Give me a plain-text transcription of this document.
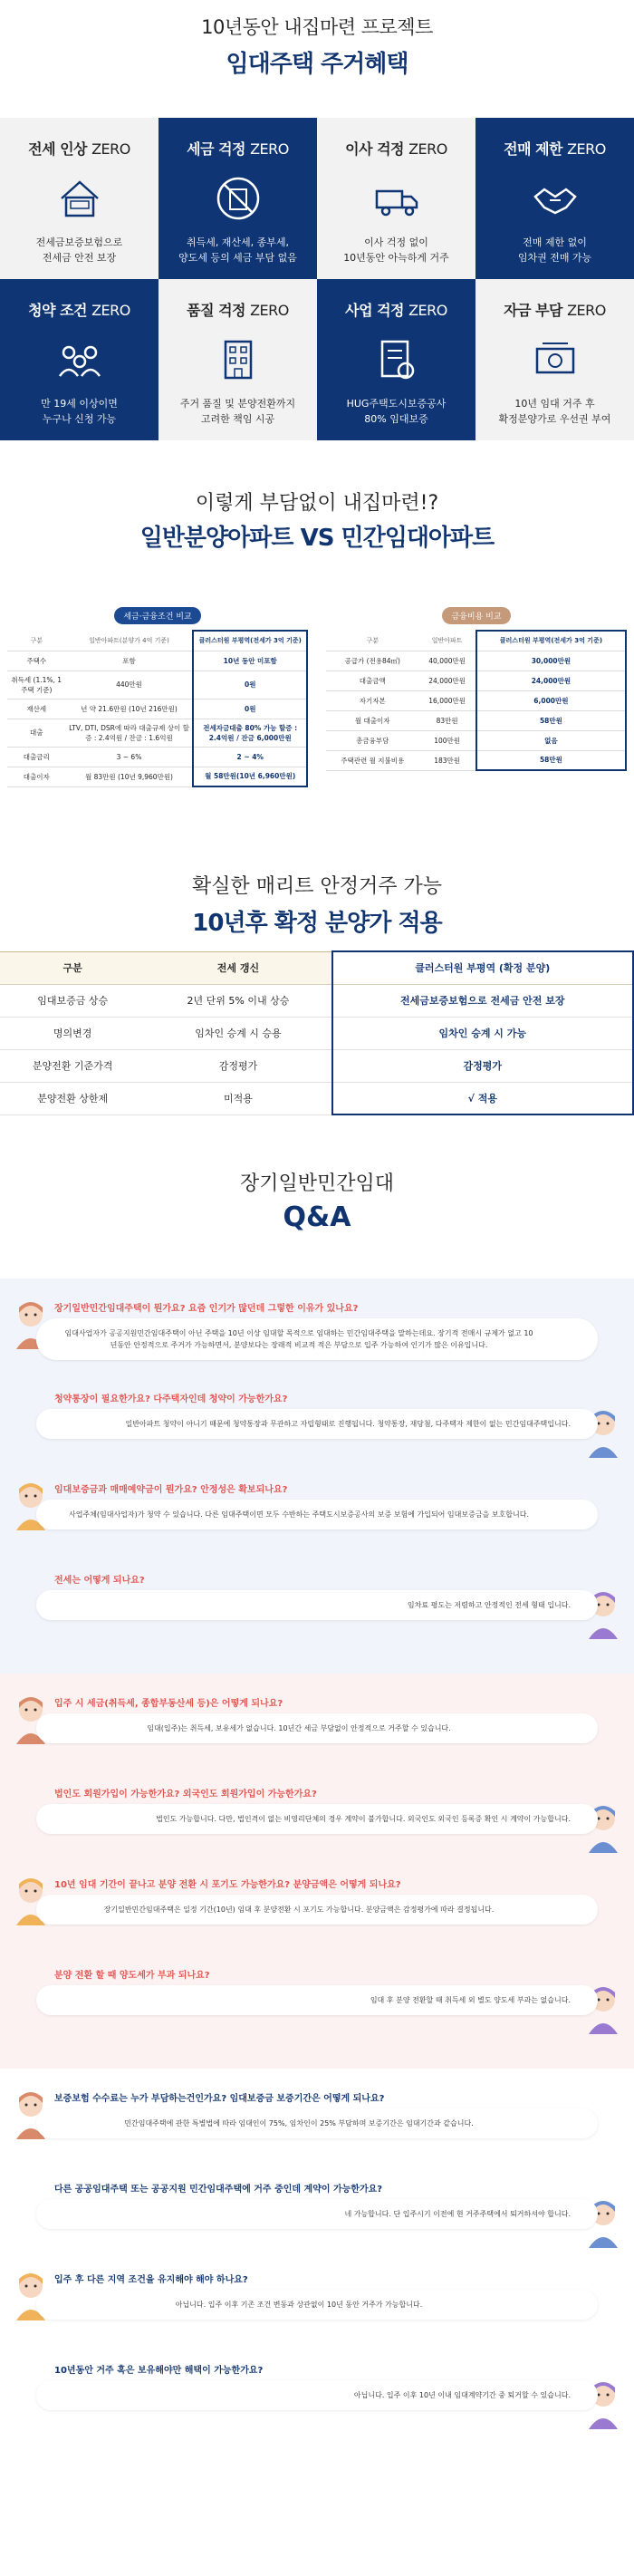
10년동안 내집마련 프로젝트
임대주택 주거혜택
전세 인상 ZERO
전세금보증보험으로
전세금 안전 보장
세금 걱정 ZERO
취득세, 재산세, 종부세,
양도세 등의 세금 부담 없음
이사 걱정 ZERO
이사 걱정 없이
10년동안 아늑하게 거주
전매 제한 ZERO
전매 제한 없이
임차권 전매 가능
청약 조건 ZERO
만 19세 이상이면
누구나 신청 가능
품질 걱정 ZERO
주거 품질 및 분양전환까지
고려한 책임 시공
사업 걱정 ZERO
HUG주택도시보증공사
80% 임대보증
자금 부담 ZERO
10년 임대 거주 후
확정분양가로 우선권 부여
이렇게 부담없이 내집마련!?
일반분양아파트 VS 민간임대아파트
세금·금융조건 비교
구분	일반아파트(분양가 4억 기준)	클러스터원 부평역(전세가 3억 기준)
주택수	포함	10년 동안 미포함
취득세 (1.1%, 1주택 기준)	440만원	0원
재산세	년 약 21.6만원 (10년 216만원)	0원
대출	LTV, DTI, DSR에 따라 대출규제 상이 할증 : 2.4억원 / 잔금 : 1.6억원	전세자금대출 80% 가능 할증 : 2.4억원 / 잔금 6,000만원
대출금리	3 ~ 6%	2 ~ 4%
대출이자	월 83만원 (10년 9,960만원)	월 58만원(10년 6,960만원)
금융비용 비교
구분	일반아파트	클러스터원 부평역(전세가 3억 기준)
공급가 (전용84㎡)	40,000만원	30,000만원
대출금액	24,000만원	24,000만원
자기자본	16,000만원	6,000만원
월 대출이자	83만원	58만원
총금융부담	100만원	없음
주택관련 월 지불비용	183만원	58만원
확실한 매리트 안정거주 가능
10년후 확정 분양가 적용
구분	전세 갱신	클러스터원 부평역 (확정 분양)
임대보증금 상승	2년 단위 5% 이내 상승	전세금보증보험으로 전세금 안전 보장
명의변경	임차인 승계 시 승용	임차인 승계 시 가능
분양전환 기준가격	감정평가	감정평가
분양전환 상한제	미적용	√ 적용
장기일반민간임대
Q&A
장기일반민간임대주택이 뭔가요? 요즘 인기가 많던데 그렇한 이유가 있나요?
임대사업자가 공공지원민간임대주택이 아닌 주택을 10년 이상 임대할 목적으로 임대하는 민간임대주택을 말하는데요. 장기적 전매시 규제가 없고 10년동안 안정적으로 주거가 가능하면서, 분양보다는 장래적 비교적 적은 부담으로 입주 가능하여 인기가 많은 이유입니다.
청약통장이 필요한가요? 다주택자인데 청약이 가능한가요?
일반아파트 청약이 아니기 때문에 청약통장과 무관하고 자립형태로 진행됩니다. 청약통장, 재당첨, 다주택자 제한이 없는 민간임대주택입니다.
임대보증금과 매매예약금이 뭔가요? 안정성은 확보되나요?
사업주체(임대사업자)가 청약 수 있습니다. 다른 임대주택이면 모두 수반하는 주택도시보증공사의 보증 보험에 가입되어 임대보증금을 보호합니다.
전세는 어떻게 되나요?
임차료 평도는 저렴하고 안정적인 전세 형태 입니다.
입주 시 세금(취득세, 종합부동산세 등)은 어떻게 되나요?
임대(입주)는 취득세, 보유세가 없습니다. 10년간 세금 부담없이 안정적으로 거주할 수 있습니다.
법인도 회원가입이 가능한가요? 외국인도 회원가입이 가능한가요?
법인도 가능합니다. 다만, 법인격이 없는 비영리단체의 경우 계약이 불가합니다. 외국인도 외국인 등록증 확인 시 계약이 가능합니다.
10년 임대 기간이 끝나고 분양 전환 시 포기도 가능한가요? 분양금액은 어떻게 되나요?
장기일반민간임대주택은 일정 기간(10년) 임대 후 분양전환 시 포기도 가능합니다. 분양금액은 감정평가에 따라 결정됩니다.
분양 전환 할 때 양도세가 부과 되나요?
임대 후 분양 전환할 때 취득세 외 별도 양도세 부과는 없습니다.
보증보험 수수료는 누가 부담하는건인가요? 임대보증금 보증기간은 어떻게 되나요?
민간임대주택에 관한 특별법에 따라 임대인이 75%, 임차인이 25% 부담하며 보증기간은 임대기간과 같습니다.
다른 공공임대주택 또는 공공지원 민간임대주택에 거주 중인데 계약이 가능한가요?
네 가능합니다. 단 입주시기 이전에 현 거주주택에서 퇴거하셔야 합니다.
입주 후 다른 지역 조건을 유지해야 해야 하나요?
아닙니다. 입주 이후 기존 조건 변동과 상관없이 10년 동안 거주가 가능합니다.
10년동안 거주 혹은 보유해야만 해택이 가능한가요?
아닙니다. 입주 이후 10년 이내 임대계약기간 중 퇴거할 수 있습니다.
